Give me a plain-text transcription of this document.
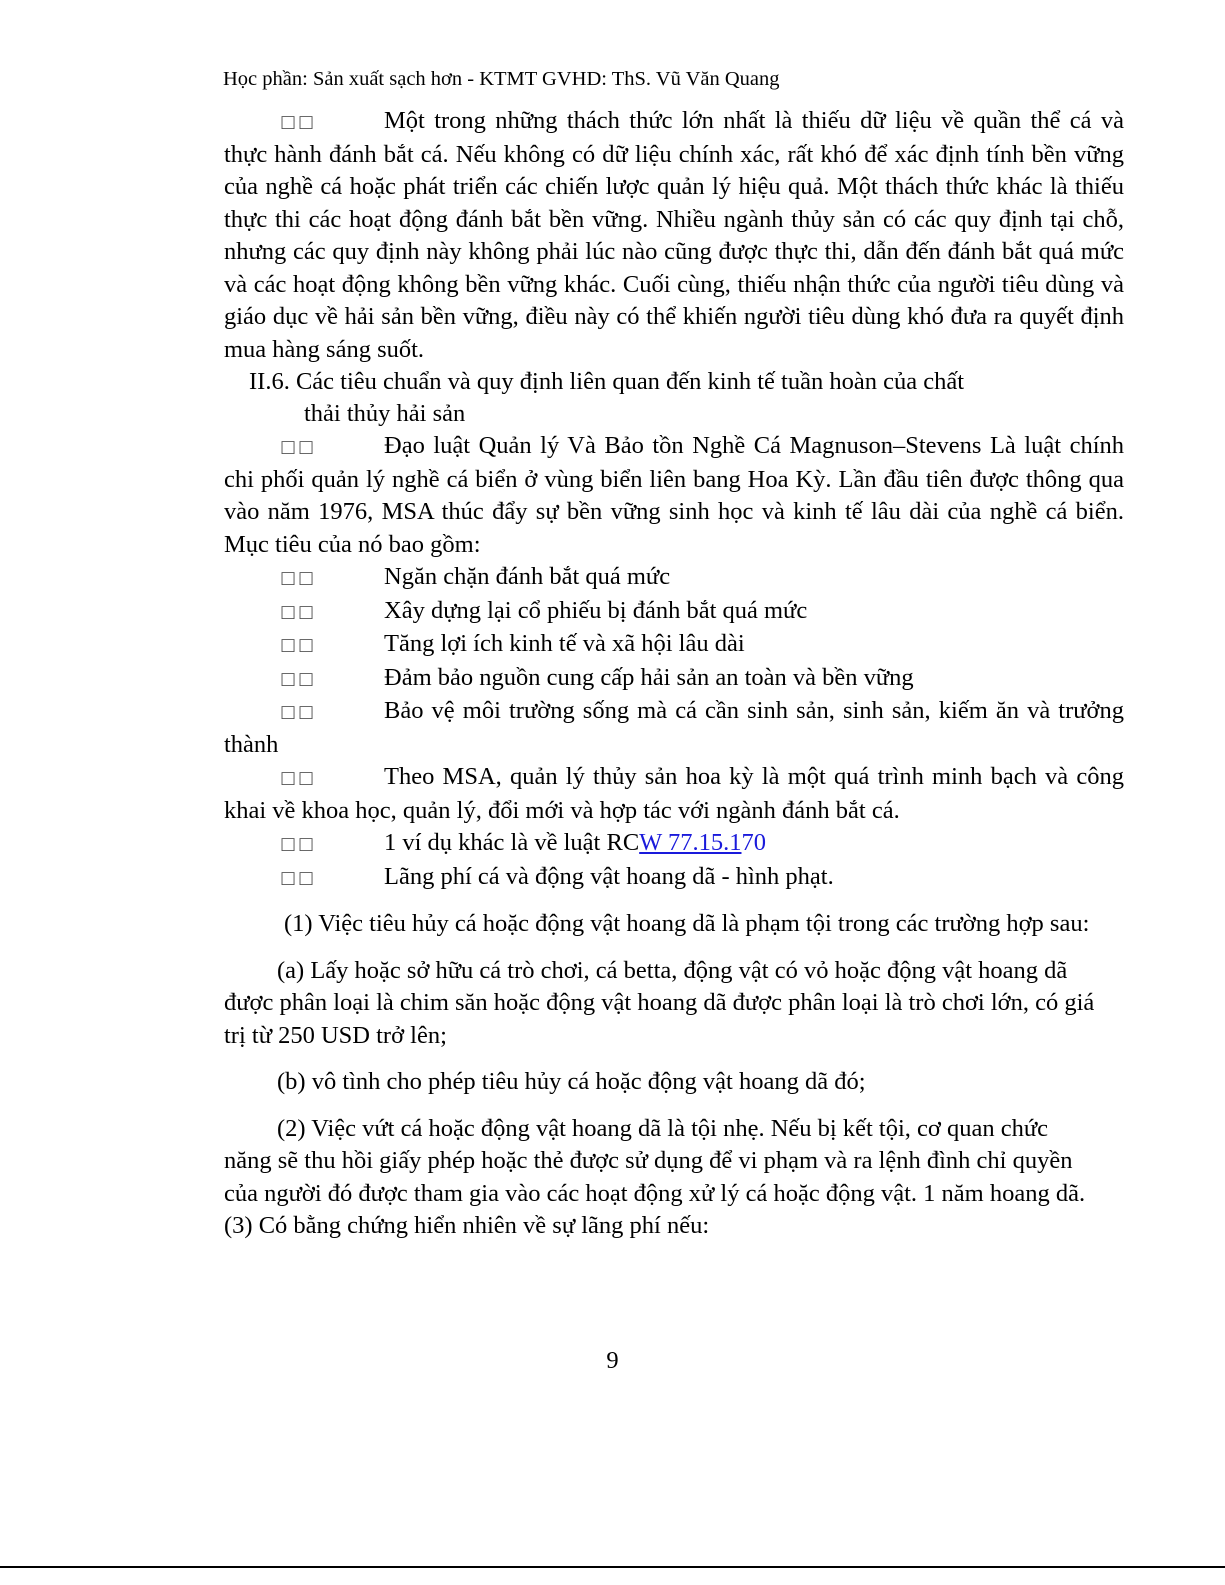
Học phần: Sản xuất sạch hơn - KTMT GVHD: ThS. Vũ Văn Quang

□□	Một trong những thách thức lớn nhất là thiếu dữ liệu về quần thể cá và thực hành đánh bắt cá. Nếu không có dữ liệu chính xác, rất khó để xác định tính bền vững của nghề cá hoặc phát triển các chiến lược quản lý hiệu quả. Một thách thức khác là thiếu thực thi các hoạt động đánh bắt bền vững. Nhiều ngành thủy sản có các quy định tại chỗ, nhưng các quy định này không phải lúc nào cũng được thực thi, dẫn đến đánh bắt quá mức và các hoạt động không bền vững khác. Cuối cùng, thiếu nhận thức của người tiêu dùng và giáo dục về hải sản bền vững, điều này có thể khiến người tiêu dùng khó đưa ra quyết định mua hàng sáng suốt.

II.6. Các tiêu chuẩn và quy định liên quan đến kinh tế tuần hoàn của chất
thải thủy hải sản

□□	Đạo luật Quản lý Và Bảo tồn Nghề Cá Magnuson–Stevens Là luật chính chi phối quản lý nghề cá biển ở vùng biển liên bang Hoa Kỳ. Lần đầu tiên được thông qua vào năm 1976, MSA thúc đẩy sự bền vững sinh học và kinh tế lâu dài của nghề cá biển. Mục tiêu của nó bao gồm:

□□	Ngăn chặn đánh bắt quá mức

□□	Xây dựng lại cổ phiếu bị đánh bắt quá mức

□□	Tăng lợi ích kinh tế và xã hội lâu dài

□□	Đảm bảo nguồn cung cấp hải sản an toàn và bền vững

□□	Bảo vệ môi trường sống mà cá cần sinh sản, sinh sản, kiếm ăn và trưởng thành

□□	Theo MSA, quản lý thủy sản hoa kỳ là một quá trình minh bạch và công khai về khoa học, quản lý, đổi mới và hợp tác với ngành đánh bắt cá.

□□	1 ví dụ khác là về luật RCW 77.15.170

□□	Lãng phí cá và động vật hoang dã - hình phạt.

(1) Việc tiêu hủy cá hoặc động vật hoang dã là phạm tội trong các trường hợp sau:

(a) Lấy hoặc sở hữu cá trò chơi, cá betta, động vật có vỏ hoặc động vật hoang dã được phân loại là chim săn hoặc động vật hoang dã được phân loại là trò chơi lớn, có giá trị từ 250 USD trở lên;

(b) vô tình cho phép tiêu hủy cá hoặc động vật hoang dã đó;

(2) Việc vứt cá hoặc động vật hoang dã là tội nhẹ. Nếu bị kết tội, cơ quan chức năng sẽ thu hồi giấy phép hoặc thẻ được sử dụng để vi phạm và ra lệnh đình chỉ quyền của người đó được tham gia vào các hoạt động xử lý cá hoặc động vật. 1 năm hoang dã. (3) Có bằng chứng hiển nhiên về sự lãng phí nếu:

9
